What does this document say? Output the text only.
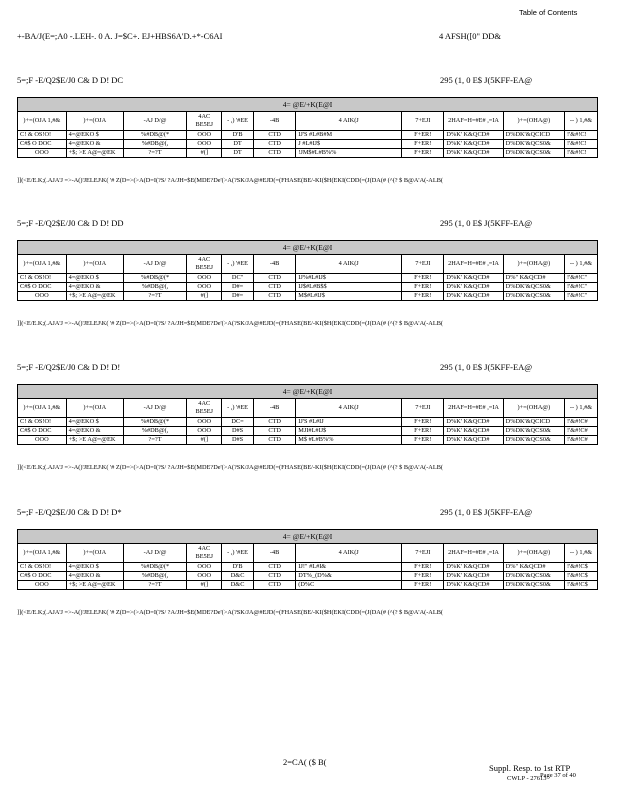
Table of Contents
+-BA/J(E=;A0 -.LEH-. 0 A. J=$C+. EJ+HBS6A'D.+*-C6AI	4 AFSH([0" DD&
5=;F -E/Q2$E/J0 C& D D! DC	295 (1, 0 E$ J(5KFF-EA@
4= @E/+K(E@I										
)+=(OJA 1,#&	)+=(OJA	-AJ D/@	4AC BE5EJ	- ,) '#EE	-4B	4 AIK(J	7+EJI	2HAF=H=#E# ,=IA	)+=(OHA@)	-- ) 1,#&
C! & OS!O!	4=@EKO $	%#DB@(*	OOO	D'B	CTD	IJ'S #L#B#M	F+ER!	D%K' K&QCD#	D%DK'&QCICD	!'&#!C!
C#$ O DOC	4=@EKO &	%#DB@(,	OOO	DT	CTD	J #L#IJ$	F+ER!	D%K' K&QCD#	D%DK'&QCS0&	!'&#!C!
OOO	+$; >E A@=@EK	?=?T	#(]	DT	CTD	!JM$#L#B%%	F+ER!	D%K' K&QCD#	D%DK'&QCS0&	!'&#!C!
]](<E/E.K;(.AJA'J =>-A()'JELEJ\K( '# Z(D=>(>A(D=I(?S/ ?A/JH=$E(MDE?De'(>A(?SK/JA@#EJD(=(FHASE(BE/-KI($H(EKI(CDD(=(J(DA(# (^(? $ B@A'A(-ALB(
5=;F -E/Q2$E/J0 C& D D! DD	295 (1, 0 E$ J(5KFF-EA@
4= @E/+K(E@I										
)+=(OJA 1,#&	)+=(OJA	-AJ D/@	4AC BE5EJ	- ,) '#EE	-4B	4 AIK(J	7+EJI	2HAF=H=#E# ,=IA	)+=(OHA@)	-- ) 1,#&
C! & OS!O!	4=@EKO $	%#DB@(*	OOO	DC"	CTD	IJ%#L#IJ$	F+ER!	D%K' K&QCD#	D%" K&QCD#	!'&#!C"
C#$ O DOC	4=@EKO &	%#DB@(,	OOO	D#=	CTD	IJ$#L#B$$	F+ER!	D%K' K&QCD#	D%DK'&QCS0&	!'&#!C"
OOO	+$; >E A@=@EK	?=?T	#(]	D#=	CTD	M$#L#IJ$	F+ER!	D%K' K&QCD#	D%DK'&QCS0&	!'&#!C"
]](<E/E.K;(.AJA'J =>-A()'JELEJ\K( '# Z(D=>(>A(D=I(?S/ ?A/JH=$E(MDE?De'(>A(?SK/JA@#EJD(=(FHASE(BE/-KI($H(EKI(CDD(=(J(DA(# (^(? $ B@A'A(-ALB(
5=;F -E/Q2$E/J0 C& D D! D!	295 (1, 0 E$ J(5KFF-EA@
4= @E/+K(E@I										
)+=(OJA 1,#&	)+=(OJA	-AJ D/@	4AC BE5EJ	- ,) '#EE	-4B	4 AIK(J	7+EJI	2HAF=H=#E# ,=IA	)+=(OHA@)	-- ) 1,#&
C! & OS!O!	4=@EKO $	%#DB@(*	OOO	DC=	CTD	IJ'S #L#IJ	F+ER!	D%K' K&QCD#	D%DK'&QCICD	!'&#!C#
C#$ O DOC	4=@EKO &	%#DB@(,	OOO	D#S	CTD	MJI#L#IJ$	F+ER!	D%K' K&QCD#	D%DK'&QCS0&	!'&#!C#
OOO	+$; >E A@=@EK	?=?T	#(]	D#S	CTD	M$ #L#B%%	F+ER!	D%K' K&QCD#	D%DK'&QCS0&	!'&#!C#
]](<E/E.K;(.AJA'J =>-A()'JELEJ\K( '# Z(D=>(>A(D=I(?S/ ?A/JH=$E(MDE?De'(>A(?SK/JA@#EJD(=(FHASE(BE/-KI($H(EKI(CDD(=(J(DA(# (^(? $ B@A'A(-ALB(
5=;F -E/Q2$E/J0 C& D D! D*	295 (1, 0 E$ J(5KFF-EA@
4= @E/+K(E@I										
)+=(OJA 1,#&	)+=(OJA	-AJ D/@	4AC BE5EJ	- ,) '#EE	-4B	4 AIK(J	7+EJI	2HAF=H=#E# ,=IA	)+=(OHA@)	-- ) 1,#&
C! & OS!O!	4=@EKO $	%#DB@(*	OOO	D'B	CTD	IJ!" #L#I&	F+ER!	D%K' K&QCD#	D%" K&QCD#	!'&#!C$
C#$ O DOC	4=@EKO &	%#DB@(,	OOO	D&C	CTD	DT%_(D%&	F+ER!	D%K' K&QCD#	D%DK'&QCS0&	!'&#!C$
OOO	+$; >E A@=@EK	?=?T	#(]	D&C	CTD	(D%C	F+ER!	D%K' K&QCD#	D%DK'&QCS0&	!'&#!C$
]](<E/E.K;(.AJA'J =>-A()'JELEJ\K( '# Z(D=>(>A(D=I(?S/ ?A/JH=$E(MDE?De'(>A(?SK/JA@#EJD(=(FHASE(BE/-KI($H(EKI(CDD(=(J(DA(# (^(? $ B@A'A(-ALB(
2=CA( ($ B(
Suppl. Resp. to 1st RTP
CWLP - 27613
Page 37 of 40
